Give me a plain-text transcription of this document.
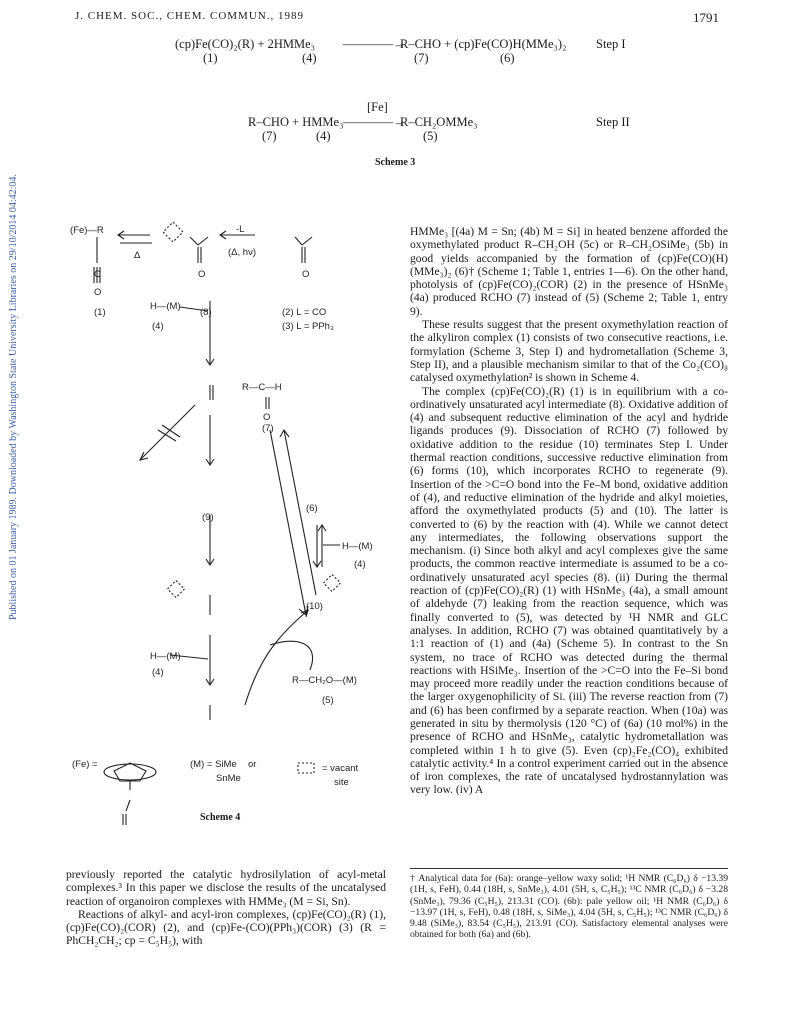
J. CHEM. SOC., CHEM. COMMUN., 1989	1791
Published on 01 January 1989. Downloaded by Washington State University Libraries on 29/10/2014 04:42:04.
(cp)Fe(CO)₂(R) + 2HMMe₃ ————→
R–CHO + (cp)Fe(CO)H(MMe₃)₂ Step I
(1)	(4)	(7)	(6)
[Fe]
R–CHO + HMMe₃ ————→
R–CH₂OMMe₃	Step II
(7)	(4)	(5)
Scheme 3
(Fe)—R
C
O
(1)
Δ
O
(8)
-L
(Δ, hν)
O
(2) L = CO
(3) L = PPh₃
H—(M)
(4)
R—C—H
O
(7)
(9)
(6)
H—(M)
(4)
(10)
H—(M)
(4)
R—CH₂O—(M)
(5)
(Fe) =	(M) = SiMe or
SnMe
= vacant
site
Scheme 4

HMMe₃ [(4a) M = Sn; (4b) M = Si] in heated benzene afforded the oxymethylated product R–CH₂OH (5c) or R–CH₂OSiMe₃ (5b) in good yields accompanied by the formation of (cp)Fe(CO)(H)(MMe₃)₂ (6)† (Scheme 1; Table 1, entries 1—6). On the other hand, photolysis of (cp)Fe(CO)₂(COR) (2) in the presence of HSnMe₃ (4a) produced RCHO (7) instead of (5) (Scheme 2; Table 1, entry 9).

These results suggest that the present oxymethylation reaction of the alkyliron complex (1) consists of two consecutive reactions, i.e. formylation (Scheme 3, Step I) and hydrometallation (Scheme 3, Step II), and a plausible mechanism similar to that of the Co₂(CO)₈ catalysed oxymethylation² is shown in Scheme 4.

The complex (cp)Fe(CO)₂(R) (1) is in equilibrium with a co-ordinatively unsaturated acyl intermediate (8). Oxidative addition of (4) and subsequent reductive elimination of the acyl and hydride ligands produces (9). Dissociation of RCHO (7) followed by oxidative addition to the residue (10) terminates Step I. Under thermal reaction conditions, successive reductive elimination from (6) forms (10), which incorporates RCHO to regenerate (9). Insertion of the >C=O bond into the Fe–M bond, oxidative addition of (4), and reductive elimination of the hydride and alkyl moieties, afford the oxymethylated products (5) and (10). The latter is converted to (6) by the reaction with (4). While we cannot detect any intermediates, the following observations support the mechanism. (i) Since both alkyl and acyl complexes give the same products, the common reactive intermediate is assumed to be a co-ordinatively unsaturated acyl species (8). (ii) During the thermal reaction of (cp)Fe(CO)₂(R) (1) with HSnMe₃ (4a), a small amount of aldehyde (7) leaking from the reaction sequence, which was finally converted to (5), was detected by ¹H NMR and GLC analyses. In addition, RCHO (7) was obtained quantitatively by a 1:1 reaction of (1) and (4a) (Scheme 5). In contrast to the Sn system, no trace of RCHO was detected during the thermal reactions with HSiMe₃. Insertion of the >C=O into the Fe–Si bond may proceed more readily under the reaction conditions because of the larger oxygenophilicity of Si. (iii) The reverse reaction from (7) and (6) has been confirmed by a separate reaction. When (10a) was generated in situ by thermolysis (120 °C) of (6a) (10 mol%) in the presence of RCHO and HSnMe₃, catalytic hydrometallation was completed within 1 h to give (5). Even (cp)₂Fe₂(CO)₄ exhibited catalytic activity.⁴ In a control experiment carried out in the absence of iron complexes, the rate of uncatalysed hydrostannylation was very low. (iv) A

previously reported the catalytic hydrosilylation of acyl-metal complexes.³ In this paper we disclose the results of the uncatalysed reaction of organoiron complexes with HMMe₃ (M = Si, Sn).

Reactions of alkyl- and acyl-iron complexes, (cp)Fe(CO)₂(R) (1), (cp)Fe(CO)₂(COR) (2), and (cp)Fe-(CO)(PPh₃)(COR) (3) (R = PhCH₂CH₂; cp = C₅H₅), with

† Analytical data for (6a): orange–yellow waxy solid; ¹H NMR (C₆D₆) δ −13.39 (1H, s, FeH), 0.44 (18H, s, SnMe₃), 4.01 (5H, s, C₅H₅); ¹³C NMR (C₆D₆) δ −3.28 (SnMe₃), 79.36 (C₅H₅), 213.31 (CO). (6b): pale yellow oil; ¹H NMR (C₆D₆) δ −13.97 (1H, s, FeH), 0.48 (18H, s, SiMe₃), 4.04 (5H, s, C₅H₅); ¹³C NMR (C₆D₆) δ 9.48 (SiMe₃), 83.54 (C₅H₅), 213.91 (CO). Satisfactory elemental analyses were obtained for both (6a) and (6b).
